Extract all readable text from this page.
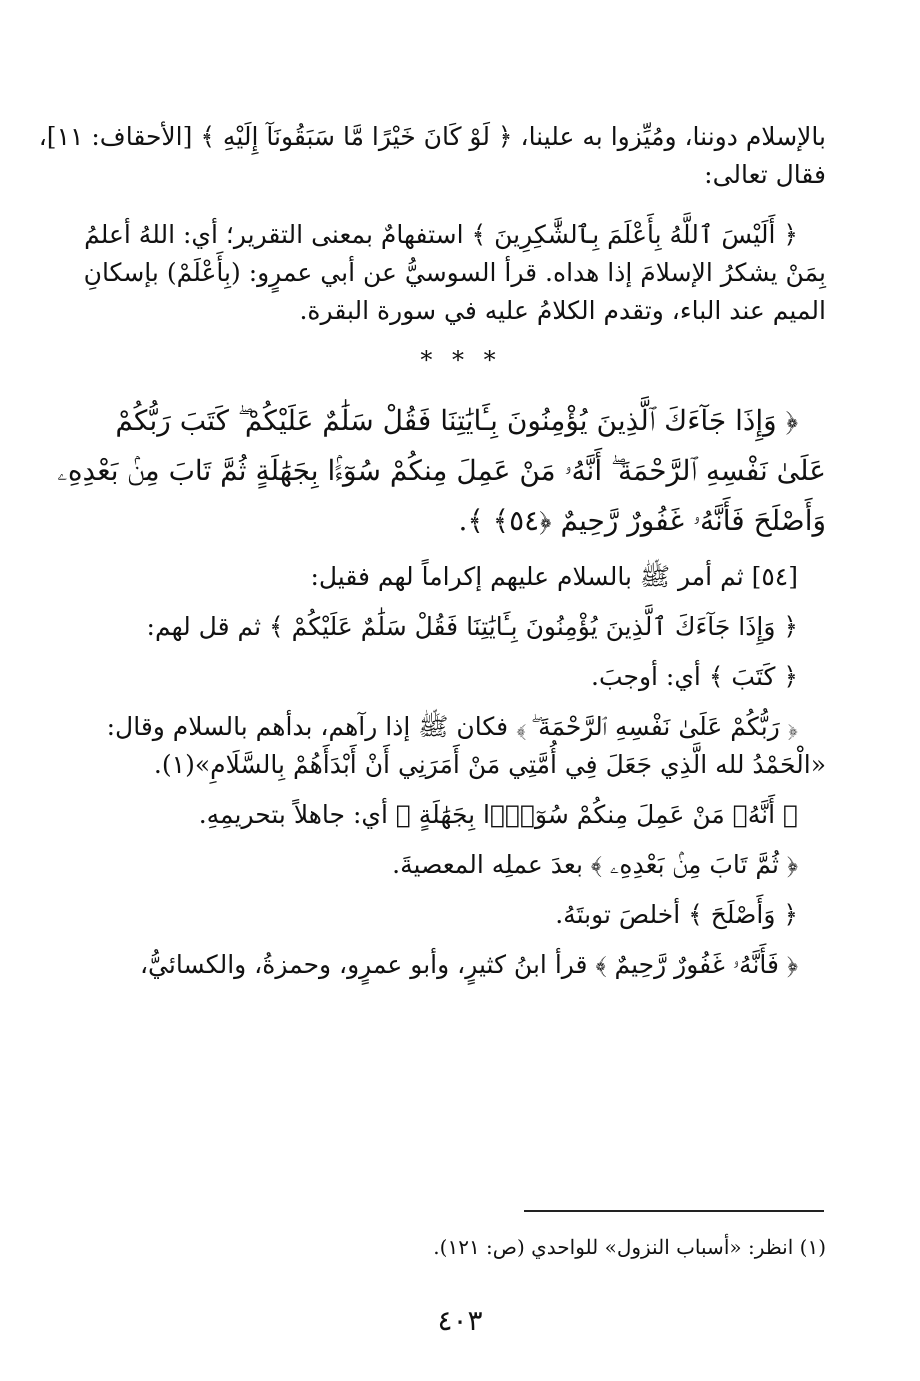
بالإسلام دوننا، ومُيِّزوا به علينا، ﴿ لَوْ كَانَ خَيْرًا مَّا سَبَقُونَآ إِلَيْهِ ﴾ [الأحقاف: ١١]،
فقال تعالى:
﴿ أَلَيْسَ ٱللَّهُ بِأَعْلَمَ بِٱلشَّٰكِرِينَ ﴾ استفهامٌ بمعنى التقرير؛ أي: اللهُ أعلمُ
بِمَنْ يشكرُ الإسلامَ إذا هداه. قرأ السوسيُّ عن أبي عمرٍو: (بِأَعْلَمْ) بإسكانِ
الميم عند الباء، وتقدم الكلامُ عليه في سورة البقرة.
* * *
﴿ وَإِذَا جَآءَكَ ٱلَّذِينَ يُؤْمِنُونَ بِـَٔايَٰتِنَا فَقُلْ سَلَٰمٌ عَلَيْكُمْ ۖ كَتَبَ رَبُّكُمْ
عَلَىٰ نَفْسِهِ ٱلرَّحْمَةَ ۖ أَنَّهُۥ مَنْ عَمِلَ مِنكُمْ سُوٓءًۢا بِجَهَٰلَةٍ ثُمَّ تَابَ مِنۢ بَعْدِهِۦ
وَأَصْلَحَ فَأَنَّهُۥ غَفُورٌ رَّحِيمٌ ﴿٥٤﴾ ﴾.
[٥٤] ثم أمر ﷺ بالسلام عليهم إكراماً لهم فقيل:
﴿ وَإِذَا جَآءَكَ ٱلَّذِينَ يُؤْمِنُونَ بِـَٔايَٰتِنَا فَقُلْ سَلَٰمٌ عَلَيْكُمْ ﴾ ثم قل لهم:
﴿ كَتَبَ ﴾ أي: أوجبَ.
﴿ رَبُّكُمْ عَلَىٰ نَفْسِهِ ٱلرَّحْمَةَ ۖ ﴾ فكان ﷺ إذا رآهم، بدأهم بالسلام وقال:
«الْحَمْدُ لله الَّذِي جَعَلَ فِي أُمَّتِي مَنْ أَمَرَنِي أَنْ أَبْدَأَهُمْ بِالسَّلَامِ»(١).
﴿ أَنَّهُۥ مَنْ عَمِلَ مِنكُمْ سُوٓءًۢا بِجَهَٰلَةٍ ﴾ أي: جاهلاً بتحريمِهِ.
﴿ ثُمَّ تَابَ مِنۢ بَعْدِهِۦ ﴾ بعدَ عملِه المعصيةَ.
﴿ وَأَصْلَحَ ﴾ أخلصَ توبتَهُ.
﴿ فَأَنَّهُۥ غَفُورٌ رَّحِيمٌ ﴾ قرأ ابنُ كثيرٍ، وأبو عمرٍو، وحمزةُ، والكسائيُّ،
(١) انظر: «أسباب النزول» للواحدي (ص: ١٢١).
٤٠٣
